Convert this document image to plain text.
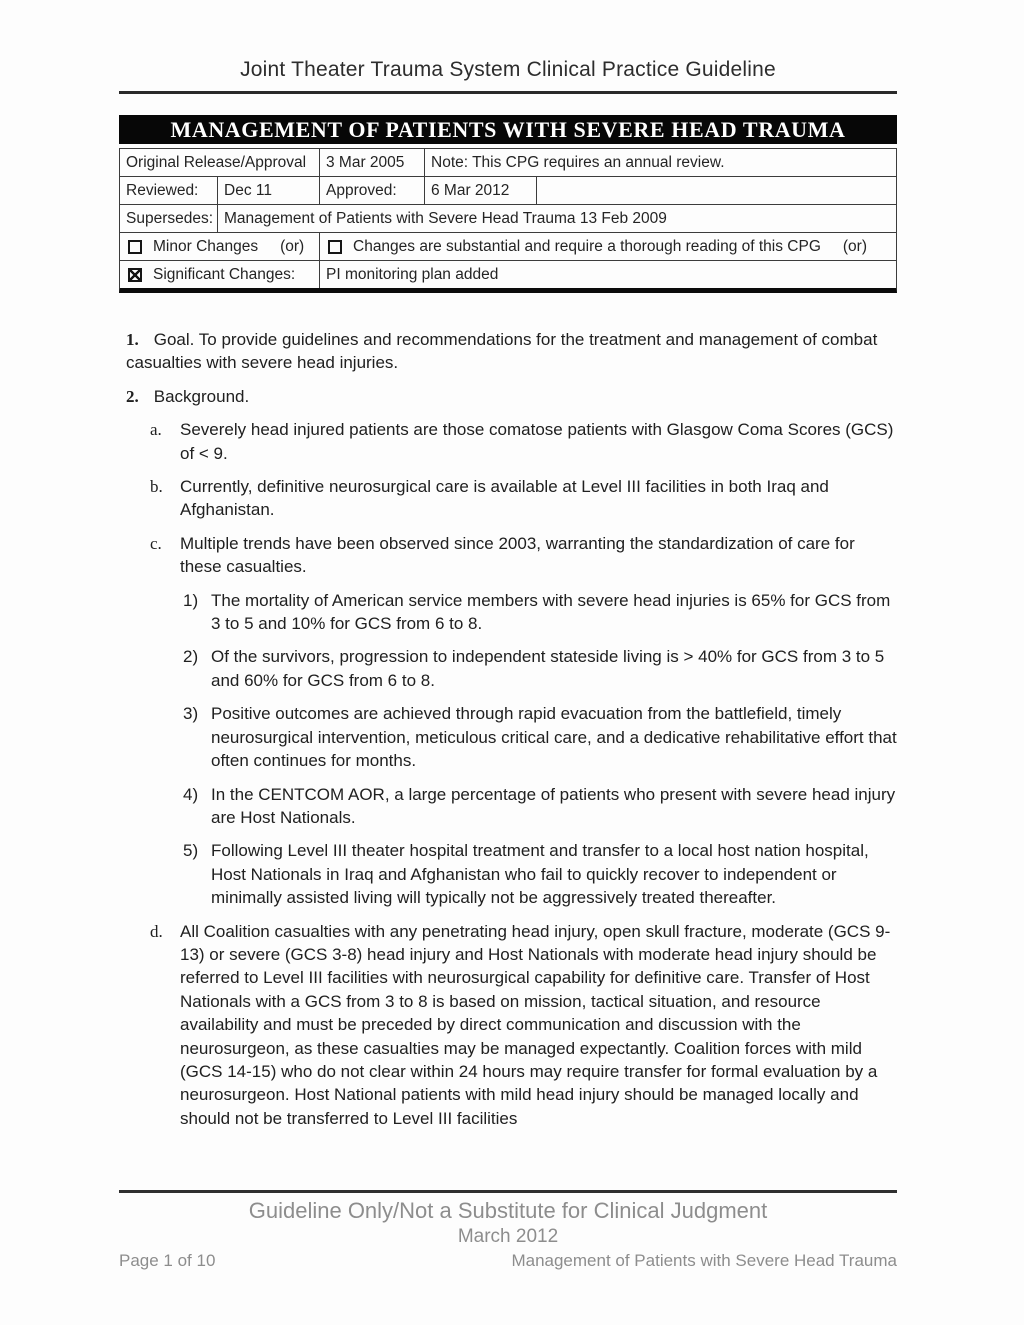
Joint Theater Trauma System Clinical Practice Guideline
MANAGEMENT OF PATIENTS WITH SEVERE HEAD TRAUMA
Original Release/Approval	3 Mar 2005	Note: This CPG requires an annual review.
Reviewed:	Dec 11	Approved:	6 Mar 2012
Supersedes: Management of Patients with Severe Head Trauma 13 Feb 2009
Minor Changes (or)	Changes are substantial and require a thorough reading of this CPG (or)
Significant Changes:	PI monitoring plan added
1. Goal. To provide guidelines and recommendations for the treatment and management of combat casualties with severe head injuries.
2. Background.
a.	Severely head injured patients are those comatose patients with Glasgow Coma Scores (GCS) of < 9.
b.	Currently, definitive neurosurgical care is available at Level III facilities in both Iraq and Afghanistan.
c.	Multiple trends have been observed since 2003, warranting the standardization of care for these casualties.
1) The mortality of American service members with severe head injuries is 65% for GCS from 3 to 5 and 10% for GCS from 6 to 8.
2) Of the survivors, progression to independent stateside living is > 40% for GCS from 3 to 5 and 60% for GCS from 6 to 8.
3) Positive outcomes are achieved through rapid evacuation from the battlefield, timely neurosurgical intervention, meticulous critical care, and a dedicative rehabilitative effort that often continues for months.
4) In the CENTCOM AOR, a large percentage of patients who present with severe head injury are Host Nationals.
5) Following Level III theater hospital treatment and transfer to a local host nation hospital, Host Nationals in Iraq and Afghanistan who fail to quickly recover to independent or minimally assisted living will typically not be aggressively treated thereafter.
d.	All Coalition casualties with any penetrating head injury, open skull fracture, moderate (GCS 9-13) or severe (GCS 3-8) head injury and Host Nationals with moderate head injury should be referred to Level III facilities with neurosurgical capability for definitive care. Transfer of Host Nationals with a GCS from 3 to 8 is based on mission, tactical situation, and resource availability and must be preceded by direct communication and discussion with the neurosurgeon, as these casualties may be managed expectantly. Coalition forces with mild (GCS 14-15) who do not clear within 24 hours may require transfer for formal evaluation by a neurosurgeon. Host National patients with mild head injury should be managed locally and should not be transferred to Level III facilities
Guideline Only/Not a Substitute for Clinical Judgment
March 2012
Page 1 of 10	Management of Patients with Severe Head Trauma
